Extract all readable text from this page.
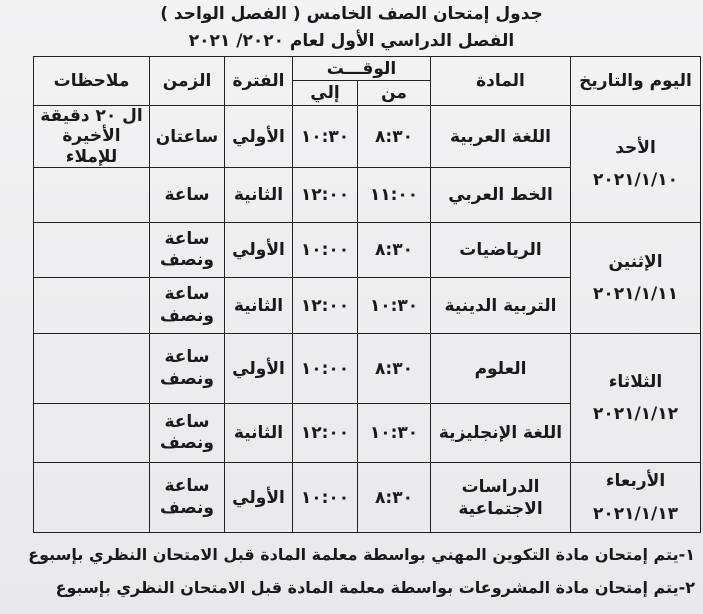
جدول إمتحان الصف الخامس ( الفصل الواحد )
الفصل الدراسي الأول لعام ٢٠٢٠/ ٢٠٢١
اليوم والتاريخ	المادة	الوقـــت		الفترة	الزمن	ملاحظات
		من	إلي			

الأحد
٢٠٢١/١/١٠	اللغة العربية	٨:٣٠	١٠:٣٠	الأولي	ساعتان	ال ٢٠ دقيقة الأخيرة للإملاء
	الخط العربي	١١:٠٠	١٢:٠٠	الثانية	ساعة	

الإثنين
٢٠٢١/١/١١	الرياضيات	٨:٣٠	١٠:٠٠	الأولي	ساعة ونصف	
	التربية الدينية	١٠:٣٠	١٢:٠٠	الثانية	ساعة ونصف	

الثلاثاء
٢٠٢١/١/١٢	العلوم	٨:٣٠	١٠:٠٠	الأولي	ساعة ونصف	
	اللغة الإنجليزية	١٠:٣٠	١٢:٠٠	الثانية	ساعة ونصف	

الأربعاء
٢٠٢١/١/١٣	الدراسات الاجتماعية	٨:٣٠	١٠:٠٠	الأولي	ساعة ونصف	
١-يتم إمتحان مادة التكوين المهني بواسطة معلمة المادة قبل الامتحان النظري بإسبوع
٢-يتم إمتحان مادة المشروعات بواسطة معلمة المادة قبل الامتحان النظري بإسبوع
